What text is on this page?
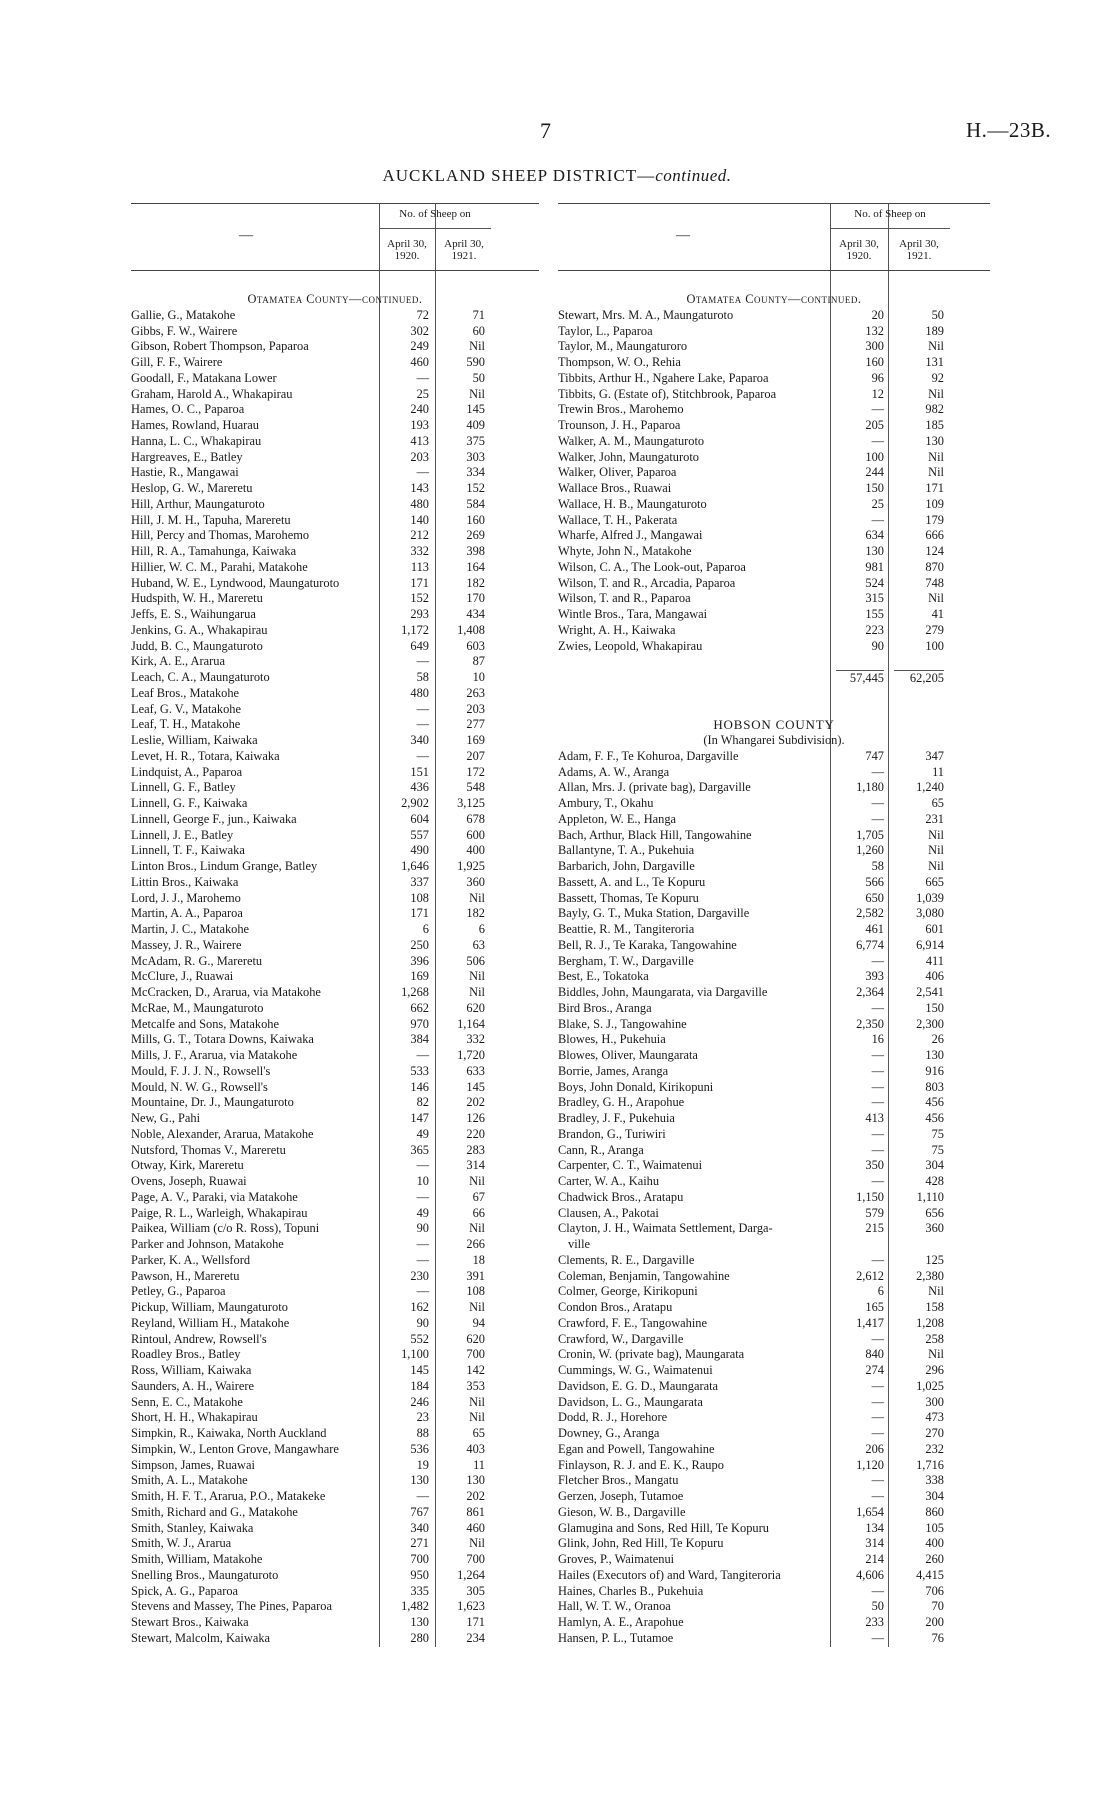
7	H.—23B.
AUCKLAND SHEEP DISTRICT—continued.
—
No. of Sheep on
April 30, 1920.
April 30, 1921.
Otamatea County—continued.
Gallie, G., Matakohe	72	71
Gibbs, F. W., Wairere	302	60
Gibson, Robert Thompson, Paparoa	249	Nil
Gill, F. F., Wairere	460	590
Goodall, F., Matakana Lower	—	50
Graham, Harold A., Whakapirau	25	Nil
Hames, O. C., Paparoa	240	145
Hames, Rowland, Huarau	193	409
Hanna, L. C., Whakapirau	413	375
Hargreaves, E., Batley	203	303
Hastie, R., Mangawai	—	334
Heslop, G. W., Mareretu	143	152
Hill, Arthur, Maungaturoto	480	584
Hill, J. M. H., Tapuha, Mareretu	140	160
Hill, Percy and Thomas, Marohemo	212	269
Hill, R. A., Tamahunga, Kaiwaka	332	398
Hillier, W. C. M., Parahi, Matakohe	113	164
Huband, W. E., Lyndwood, Maungaturoto	171	182
Hudspith, W. H., Mareretu	152	170
Jeffs, E. S., Waihungarua	293	434
Jenkins, G. A., Whakapirau	1,172	1,408
Judd, B. C., Maungaturoto	649	603
Kirk, A. E., Ararua	—	87
Leach, C. A., Maungaturoto	58	10
Leaf Bros., Matakohe	480	263
Leaf, G. V., Matakohe	—	203
Leaf, T. H., Matakohe	—	277
Leslie, William, Kaiwaka	340	169
Levet, H. R., Totara, Kaiwaka	—	207
Lindquist, A., Paparoa	151	172
Linnell, G. F., Batley	436	548
Linnell, G. F., Kaiwaka	2,902	3,125
Linnell, George F., jun., Kaiwaka	604	678
Linnell, J. E., Batley	557	600
Linnell, T. F., Kaiwaka	490	400
Linton Bros., Lindum Grange, Batley	1,646	1,925
Littin Bros., Kaiwaka	337	360
Lord, J. J., Marohemo	108	Nil
Martin, A. A., Paparoa	171	182
Martin, J. C., Matakohe	6	6
Massey, J. R., Wairere	250	63
McAdam, R. G., Mareretu	396	506
McClure, J., Ruawai	169	Nil
McCracken, D., Ararua, via Matakohe	1,268	Nil
McRae, M., Maungaturoto	662	620
Metcalfe and Sons, Matakohe	970	1,164
Mills, G. T., Totara Downs, Kaiwaka	384	332
Mills, J. F., Ararua, via Matakohe	—	1,720
Mould, F. J. J. N., Rowsell's	533	633
Mould, N. W. G., Rowsell's	146	145
Mountaine, Dr. J., Maungaturoto	82	202
New, G., Pahi	147	126
Noble, Alexander, Ararua, Matakohe	49	220
Nutsford, Thomas V., Mareretu	365	283
Otway, Kirk, Mareretu	—	314
Ovens, Joseph, Ruawai	10	Nil
Page, A. V., Paraki, via Matakohe	—	67
Paige, R. L., Warleigh, Whakapirau	49	66
Paikea, William (c/o R. Ross), Topuni	90	Nil
Parker and Johnson, Matakohe	—	266
Parker, K. A., Wellsford	—	18
Pawson, H., Mareretu	230	391
Petley, G., Paparoa	—	108
Pickup, William, Maungaturoto	162	Nil
Reyland, William H., Matakohe	90	94
Rintoul, Andrew, Rowsell's	552	620
Roadley Bros., Batley	1,100	700
Ross, William, Kaiwaka	145	142
Saunders, A. H., Wairere	184	353
Senn, E. C., Matakohe	246	Nil
Short, H. H., Whakapirau	23	Nil
Simpkin, R., Kaiwaka, North Auckland	88	65
Simpkin, W., Lenton Grove, Mangawhare	536	403
Simpson, James, Ruawai	19	11
Smith, A. L., Matakohe	130	130
Smith, H. F. T., Ararua, P.O., Matakeke	—	202
Smith, Richard and G., Matakohe	767	861
Smith, Stanley, Kaiwaka	340	460
Smith, W. J., Ararua	271	Nil
Smith, William, Matakohe	700	700
Snelling Bros., Maungaturoto	950	1,264
Spick, A. G., Paparoa	335	305
Stevens and Massey, The Pines, Paparoa	1,482	1,623
Stewart Bros., Kaiwaka	130	171
Stewart, Malcolm, Kaiwaka	280	234
—
No. of Sheep on
April 30, 1920.
April 30, 1921.
Otamatea County—continued.
Stewart, Mrs. M. A., Maungaturoto	20	50
Taylor, L., Paparoa	132	189
Taylor, M., Maungaturoro	300	Nil
Thompson, W. O., Rehia	160	131
Tibbits, Arthur H., Ngahere Lake, Paparoa	96	92
Tibbits, G. (Estate of), Stitchbrook, Paparoa	12	Nil
Trewin Bros., Marohemo	—	982
Trounson, J. H., Paparoa	205	185
Walker, A. M., Maungaturoto	—	130
Walker, John, Maungaturoto	100	Nil
Walker, Oliver, Paparoa	244	Nil
Wallace Bros., Ruawai	150	171
Wallace, H. B., Maungaturoto	25	109
Wallace, T. H., Pakerata	—	179
Wharfe, Alfred J., Mangawai	634	666
Whyte, John N., Matakohe	130	124
Wilson, C. A., The Look-out, Paparoa	981	870
Wilson, T. and R., Arcadia, Paparoa	524	748
Wilson, T. and R., Paparoa	315	Nil
Wintle Bros., Tara, Mangawai	155	41
Wright, A. H., Kaiwaka	223	279
Zwies, Leopold, Whakapirau	90	100
57,445	62,205
HOBSON COUNTY
(In Whangarei Subdivision).
Adam, F. F., Te Kohuroa, Dargaville	747	347
Adams, A. W., Aranga	—	11
Allan, Mrs. J. (private bag), Dargaville	1,180	1,240
Ambury, T., Okahu	—	65
Appleton, W. E., Hanga	—	231
Bach, Arthur, Black Hill, Tangowahine	1,705	Nil
Ballantyne, T. A., Pukehuia	1,260	Nil
Barbarich, John, Dargaville	58	Nil
Bassett, A. and L., Te Kopuru	566	665
Bassett, Thomas, Te Kopuru	650	1,039
Bayly, G. T., Muka Station, Dargaville	2,582	3,080
Beattie, R. M., Tangiteroria	461	601
Bell, R. J., Te Karaka, Tangowahine	6,774	6,914
Bergham, T. W., Dargaville	—	411
Best, E., Tokatoka	393	406
Biddles, John, Maungarata, via Dargaville	2,364	2,541
Bird Bros., Aranga	—	150
Blake, S. J., Tangowahine	2,350	2,300
Blowes, H., Pukehuia	16	26
Blowes, Oliver, Maungarata	—	130
Borrie, James, Aranga	—	916
Boys, John Donald, Kirikopuni	—	803
Bradley, G. H., Arapohue	—	456
Bradley, J. F., Pukehuia	413	456
Brandon, G., Turiwiri	—	75
Cann, R., Aranga	—	75
Carpenter, C. T., Waimatenui	350	304
Carter, W. A., Kaihu	—	428
Chadwick Bros., Aratapu	1,150	1,110
Clausen, A., Pakotai	579	656
Clayton, J. H., Waimata Settlement, Darga-	215	360
ville
Clements, R. E., Dargaville	—	125
Coleman, Benjamin, Tangowahine	2,612	2,380
Colmer, George, Kirikopuni	6	Nil
Condon Bros., Aratapu	165	158
Crawford, F. E., Tangowahine	1,417	1,208
Crawford, W., Dargaville	—	258
Cronin, W. (private bag), Maungarata	840	Nil
Cummings, W. G., Waimatenui	274	296
Davidson, E. G. D., Maungarata	—	1,025
Davidson, L. G., Maungarata	—	300
Dodd, R. J., Horehore	—	473
Downey, G., Aranga	—	270
Egan and Powell, Tangowahine	206	232
Finlayson, R. J. and E. K., Raupo	1,120	1,716
Fletcher Bros., Mangatu	—	338
Gerzen, Joseph, Tutamoe	—	304
Gieson, W. B., Dargaville	1,654	860
Glamugina and Sons, Red Hill, Te Kopuru	134	105
Glink, John, Red Hill, Te Kopuru	314	400
Groves, P., Waimatenui	214	260
Hailes (Executors of) and Ward, Tangiteroria	4,606	4,415
Haines, Charles B., Pukehuia	—	706
Hall, W. T. W., Oranoa	50	70
Hamlyn, A. E., Arapohue	233	200
Hansen, P. L., Tutamoe	—	76
